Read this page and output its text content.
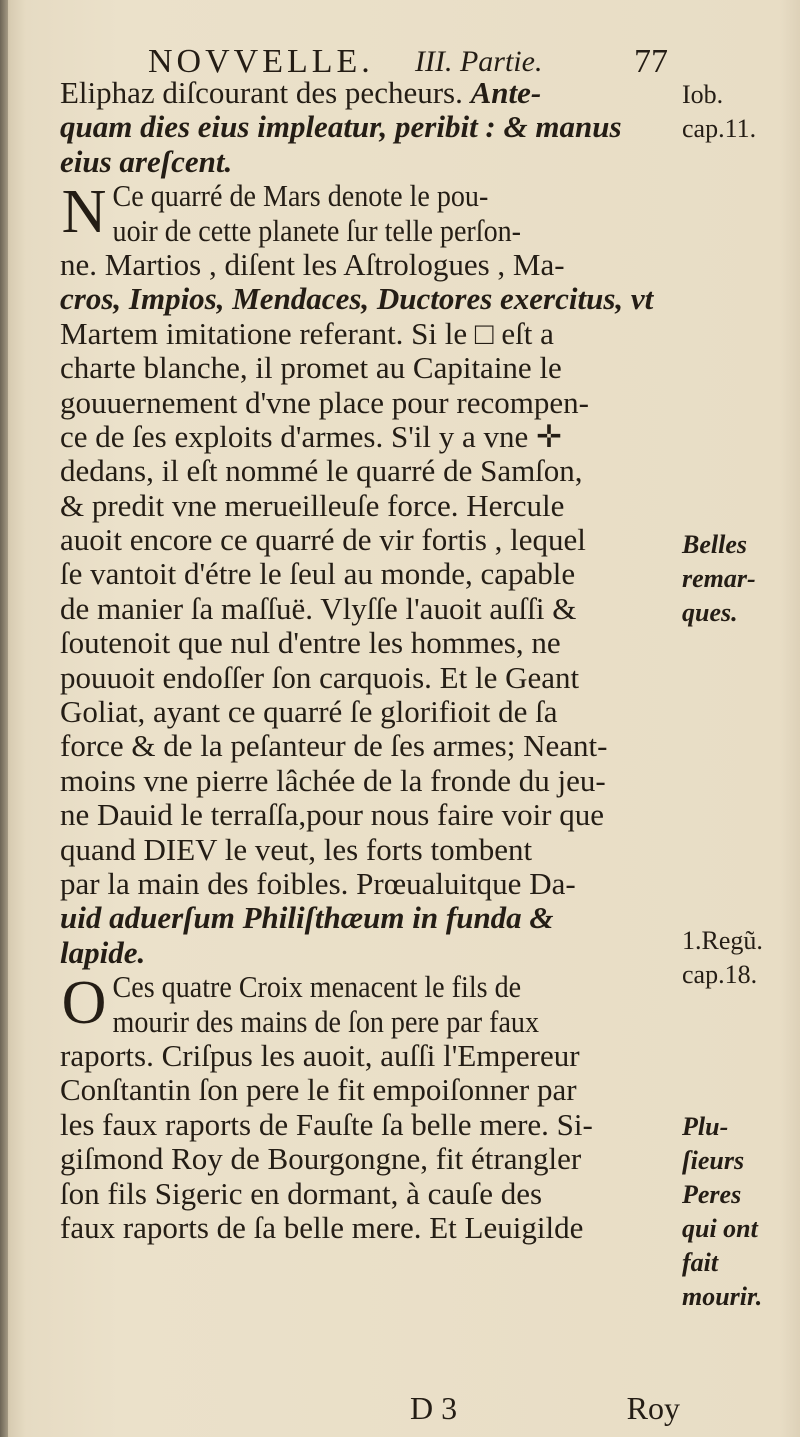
NOVVELLE. III. Partie.	77
Eliphaz diſcourant des pecheurs. Ante-
quam dies eius impleatur, peribit : & manus
eius areſcent.
N Ce quarré de Mars denote le pou-
uoir de cette planete ſur telle perſon-
ne. Martios , diſent les Aſtrologues , Ma-
cros, Impios, Mendaces, Ductores exercitus, vt
Martem imitatione referant. Si le □ eſt a
charte blanche, il promet au Capitaine le
gouuernement d'vne place pour recompen-
ce de ſes exploits d'armes. S'il y a vne ✛
dedans, il eſt nommé le quarré de Samſon,
& predit vne merueilleuſe force. Hercule
auoit encore ce quarré de vir fortis , lequel
ſe vantoit d'étre le ſeul au monde, capable
de manier ſa maſſuë. Vlyſſe l'auoit auſſi &
ſoutenoit que nul d'entre les hommes, ne
pouuoit endoſſer ſon carquois. Et le Geant
Goliat, ayant ce quarré ſe glorifioit de ſa
force & de la peſanteur de ſes armes; Neant-
moins vne pierre lâchée de la fronde du jeu-
ne Dauid le terraſſa,pour nous faire voir que
quand DIEV le veut, les forts tombent
par la main des foibles. Prœualuitque Da-
uid aduerſum Philiſthæum in funda &
lapide.
O Ces quatre Croix menacent le fils de
mourir des mains de ſon pere par faux
raports. Criſpus les auoit, auſſi l'Empereur
Conſtantin ſon pere le fit empoiſonner par
les faux raports de Fauſte ſa belle mere. Si-
giſmond Roy de Bourgongne, fit étrangler
ſon fils Sigeric en dormant, à cauſe des
faux raports de ſa belle mere. Et Leuigilde
Iob.
cap.11.
Belles
remar-
ques.
1.Regũ.
cap.18.
Plu-
ſieurs
Peres
qui ont
fait
mourir.
D 3	Roy
